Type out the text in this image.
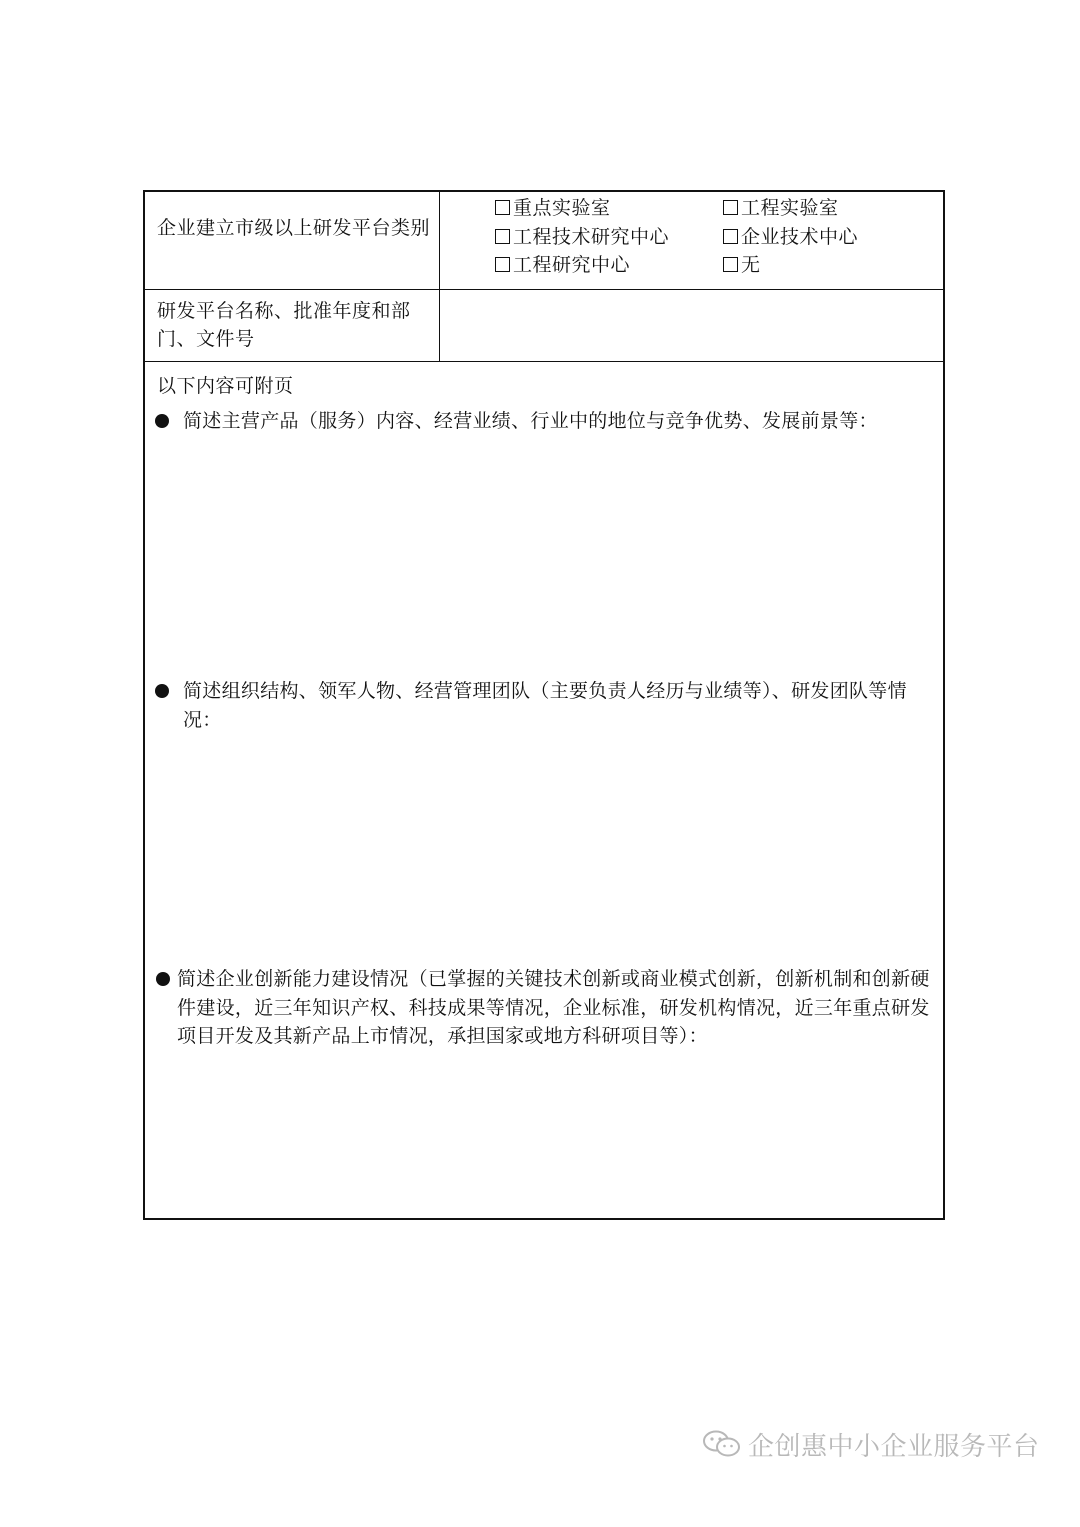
企业建立市级以上研发平台类别
重点实验室	工程实验室
工程技术研究中心	企业技术中心
工程研究中心	无
研发平台名称、批准年度和部门、文件号
以下内容可附页
简述主营产品（服务）内容、经营业绩、行业中的地位与竞争优势、发展前景等：
简述组织结构、领军人物、经营管理团队（主要负责人经历与业绩等）、研发团队等情况：
简述企业创新能力建设情况（已掌握的关键技术创新或商业模式创新，创新机制和创新硬件建设，近三年知识产权、科技成果等情况，企业标准，研发机构情况，近三年重点研发项目开发及其新产品上市情况，承担国家或地方科研项目等）：
企创惠中小企业服务平台
